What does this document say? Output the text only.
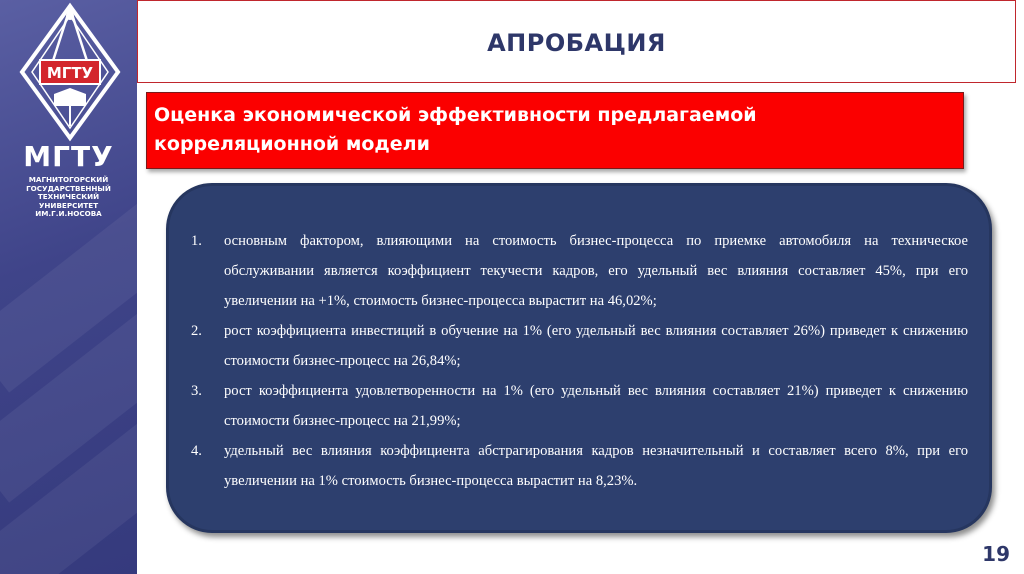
МГТУ
МГТУ
МАГНИТОГОРСКИЙ
ГОСУДАРСТВЕННЫЙ
ТЕХНИЧЕСКИЙ
УНИВЕРСИТЕТ
ИМ.Г.И.НОСОВА
АПРОБАЦИЯ
Оценка экономической эффективности предлагаемой
корреляционной модели
1. основным фактором, влияющими на стоимость бизнес-процесса по приемке автомобиля на техническое обслуживании является коэффициент текучести кадров, его удельный вес влияния составляет 45%, при его увеличении на +1%, стоимость бизнес-процесса вырастит на 46,02%;
2. рост коэффициента инвестиций в обучение на 1% (его удельный вес влияния составляет 26%) приведет к снижению стоимости бизнес-процесс на 26,84%;
3. рост коэффициента удовлетворенности на 1% (его удельный вес влияния составляет 21%) приведет к снижению стоимости бизнес-процесс на 21,99%;
4. удельный вес влияния коэффициента абстрагирования кадров незначительный и составляет всего 8%, при его увеличении на 1% стоимость бизнес-процесса вырастит на 8,23%.
19
